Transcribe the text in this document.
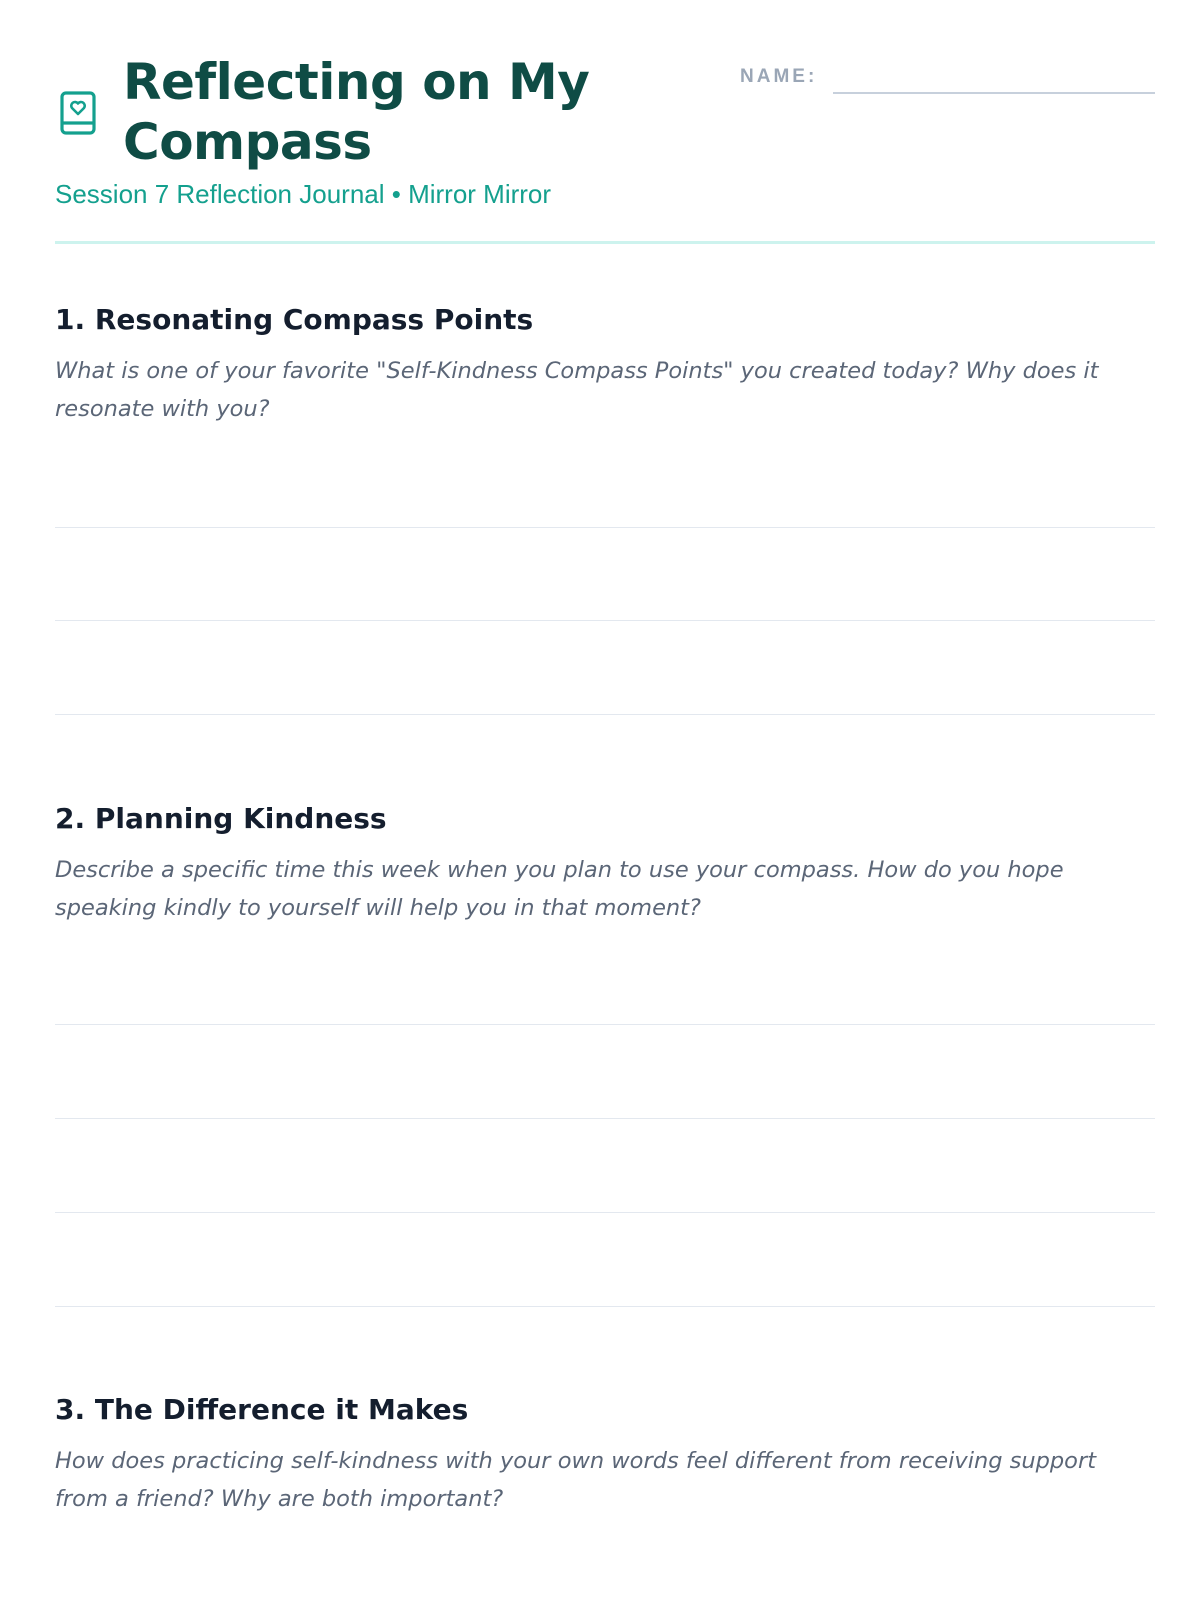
Reflecting on My Compass
Session 7 Reflection Journal • Mirror Mirror
NAME:
1. Resonating Compass Points

What is one of your favorite "Self-Kindness Compass Points" you created today? Why does it resonate with you?

2. Planning Kindness

Describe a specific time this week when you plan to use your compass. How do you hope speaking kindly to yourself will help you in that moment?

3. The Difference it Makes

How does practicing self-kindness with your own words feel different from receiving support from a friend? Why are both important?
